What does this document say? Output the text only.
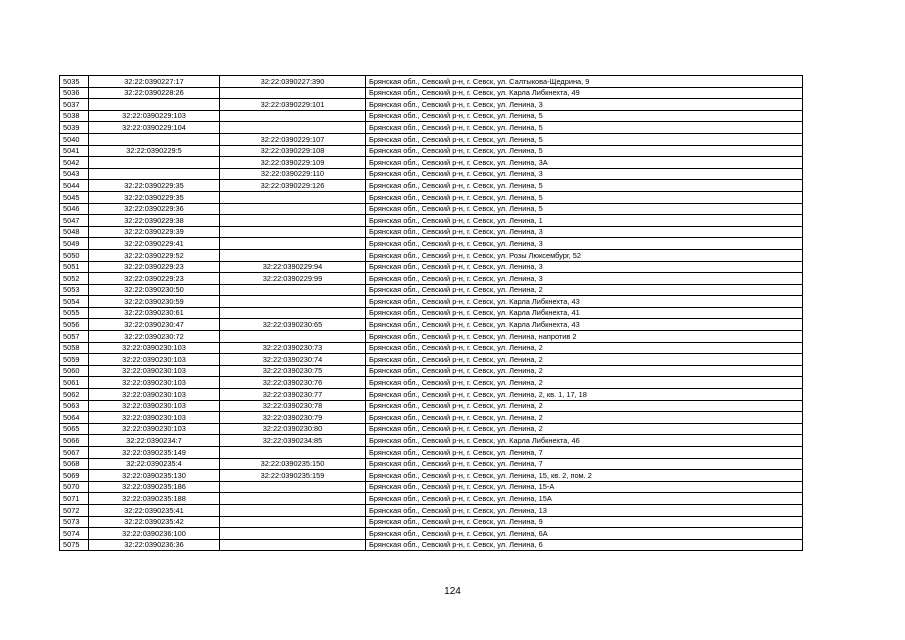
5035	32:22:0390227:17	32:22:0390227:390	Брянская обл., Севский р-н, г. Севск, ул. Салтыкова-Щедрина, 9
5036	32:22:0390228:26		Брянская обл., Севский р-н, г. Севск, ул. Карла Либкнехта, 49
5037		32:22:0390229:101	Брянская обл., Севский р-н, г. Севск, ул. Ленина, 3
5038	32:22:0390229:103		Брянская обл., Севский р-н, г. Севск, ул. Ленина, 5
5039	32:22:0390229:104		Брянская обл., Севский р-н, г. Севск, ул. Ленина, 5
5040		32:22:0390229:107	Брянская обл., Севский р-н, г. Севск, ул. Ленина, 5
5041	32:22:0390229:5	32:22:0390229:108	Брянская обл., Севский р-н, г. Севск, ул. Ленина, 5
5042		32:22:0390229:109	Брянская обл., Севский р-н, г. Севск, ул. Ленина, 3А
5043		32:22:0390229:110	Брянская обл., Севский р-н, г. Севск, ул. Ленина, 3
5044	32:22:0390229:35	32:22:0390229:126	Брянская обл., Севский р-н, г. Севск, ул. Ленина, 5
5045	32:22:0390229:35		Брянская обл., Севский р-н, г. Севск, ул. Ленина, 5
5046	32:22:0390229:36		Брянская обл., Севский р-н, г. Севск, ул. Ленина, 5
5047	32:22:0390229:38		Брянская обл., Севский р-н, г. Севск, ул. Ленина, 1
5048	32:22:0390229:39		Брянская обл., Севский р-н, г. Севск, ул. Ленина, 3
5049	32:22:0390229:41		Брянская обл., Севский р-н, г. Севск, ул. Ленина, 3
5050	32:22:0390229:52		Брянская обл., Севский р-н, г. Севск, ул. Розы Люксембург, 52
5051	32:22:0390229:23	32:22:0390229:94	Брянская обл., Севский р-н, г. Севск, ул. Ленина, 3
5052	32:22:0390229:23	32:22:0390229:99	Брянская обл., Севский р-н, г. Севск, ул. Ленина, 3
5053	32:22:0390230:50		Брянская обл., Севский р-н, г. Севск, ул. Ленина, 2
5054	32:22:0390230:59		Брянская обл., Севский р-н, г. Севск, ул. Карла Либкнехта, 43
5055	32:22:0390230:61		Брянская обл., Севский р-н, г. Севск, ул. Карла Либкнехта, 41
5056	32:22:0390230:47	32:22:0390230:65	Брянская обл., Севский р-н, г. Севск, ул. Карла Либкнехта, 43
5057	32:22:0390230:72		Брянская обл., Севский р-н, г. Севск, ул. Ленина, напротив 2
5058	32:22:0390230:103	32:22:0390230:73	Брянская обл., Севский р-н, г. Севск, ул. Ленина, 2
5059	32:22:0390230:103	32:22:0390230:74	Брянская обл., Севский р-н, г. Севск, ул. Ленина, 2
5060	32:22:0390230:103	32:22:0390230:75	Брянская обл., Севский р-н, г. Севск, ул. Ленина, 2
5061	32:22:0390230:103	32:22:0390230:76	Брянская обл., Севский р-н, г. Севск, ул. Ленина, 2
5062	32:22:0390230:103	32:22:0390230:77	Брянская обл., Севский р-н, г. Севск, ул. Ленина, 2, кв. 1, 17, 18
5063	32:22:0390230:103	32:22:0390230:78	Брянская обл., Севский р-н, г. Севск, ул. Ленина, 2
5064	32:22:0390230:103	32:22:0390230:79	Брянская обл., Севский р-н, г. Севск, ул. Ленина, 2
5065	32:22:0390230:103	32:22:0390230:80	Брянская обл., Севский р-н, г. Севск, ул. Ленина, 2
5066	32:22:0390234:7	32:22:0390234:85	Брянская обл., Севский р-н, г. Севск, ул. Карла Либкнехта, 46
5067	32:22:0390235:149		Брянская обл., Севский р-н, г. Севск, ул. Ленина, 7
5068	32:22:0390235:4	32:22:0390235:150	Брянская обл., Севский р-н, г. Севск, ул. Ленина, 7
5069	32:22:0390235:130	32:22:0390235:159	Брянская обл., Севский р-н, г. Севск, ул. Ленина, 15, кв. 2, пом. 2
5070	32:22:0390235:186		Брянская обл., Севский р-н, г. Севск, ул. Ленина, 15-А
5071	32:22:0390235:188		Брянская обл., Севский р-н, г. Севск, ул. Ленина, 15А
5072	32:22:0390235:41		Брянская обл., Севский р-н, г. Севск, ул. Ленина, 13
5073	32:22:0390235:42		Брянская обл., Севский р-н, г. Севск, ул. Ленина, 9
5074	32:22:0390236:100		Брянская обл., Севский р-н, г. Севск, ул. Ленина, 6А
5075	32:22:0390236:36		Брянская обл., Севский р-н, г. Севск, ул. Ленина, 6
124
